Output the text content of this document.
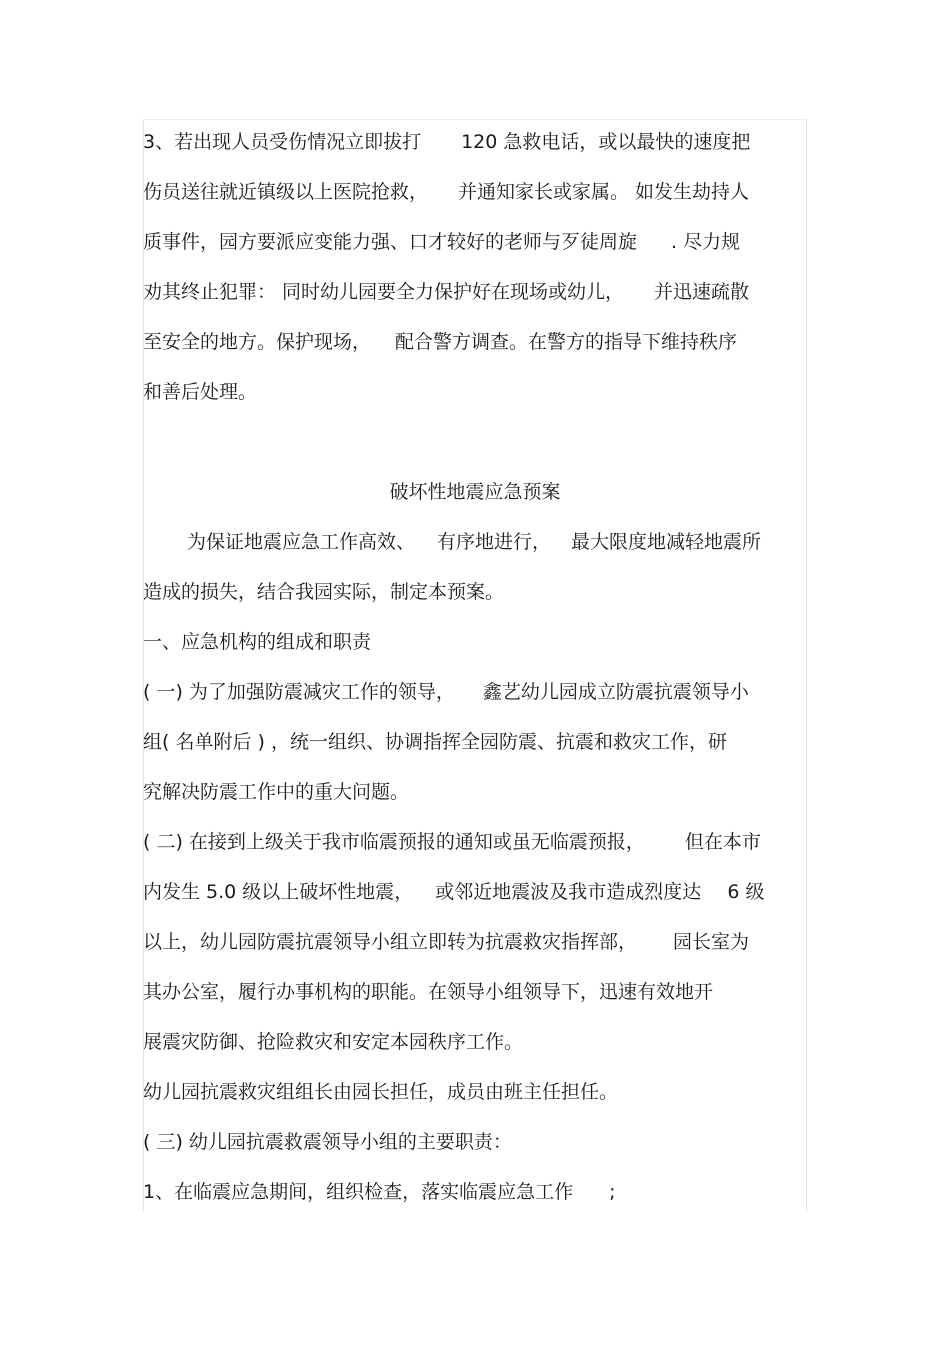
3、若出现人员受伤情况立即拔打 120 急救电话，或以最快的速度把
伤员送往就近镇级以上医院抢救， 并通知家长或家属。 如发生劫持人
质事件，园方要派应变能力强、口才较好的老师与歹徒周旋 . 尽力规
劝其终止犯罪： 同时幼儿园要全力保护好在现场或幼儿， 并迅速疏散
至安全的地方。保护现场， 配合警方调查。在警方的指导下维持秩序
和善后处理。
破坏性地震应急预案
为保证地震应急工作高效、 有序地进行， 最大限度地减轻地震所
造成的损失，结合我园实际，制定本预案。
一、应急机构的组成和职责
( 一) 为了加强防震减灾工作的领导， 鑫艺幼儿园成立防震抗震领导小
组( 名单附后 ) ，统一组织、协调指挥全园防震、抗震和救灾工作，研
究解决防震工作中的重大问题。
( 二) 在接到上级关于我市临震预报的通知或虽无临震预报， 但在本市
内发生 5.0 级以上破坏性地震， 或邻近地震波及我市造成烈度达 6 级
以上，幼儿园防震抗震领导小组立即转为抗震救灾指挥部， 园长室为
其办公室，履行办事机构的职能。在领导小组领导下，迅速有效地开
展震灾防御、抢险救灾和安定本园秩序工作。
幼儿园抗震救灾组组长由园长担任，成员由班主任担任。
( 三) 幼儿园抗震救震领导小组的主要职责：
1、在临震应急期间，组织检查，落实临震应急工作 ;
